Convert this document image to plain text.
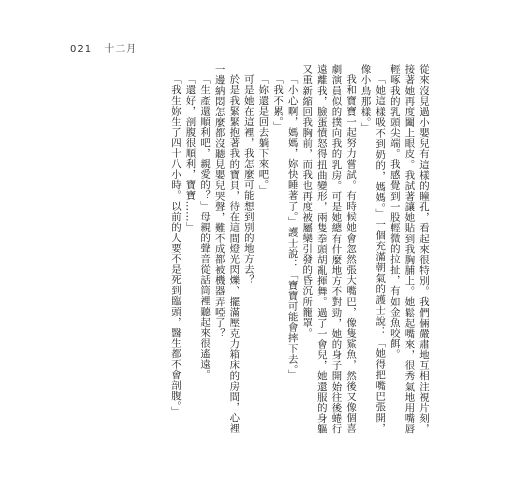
021 十二月

從來沒見過小嬰兒有這樣的瞳孔，看起來很特別。我們倆嚴肅地互相注視片刻，接著她再度闔上眼皮。我試著讓她貼到我胸脯上。她鬆起嘴來，很秀氣地用嘴唇輕啄我的乳頭尖端。我感覺到一股輕微的拉扯，有如金魚咬餌。

「她這樣吸不到奶的，媽媽。」一個充滿朝氣的護士說：「她得把嘴巴張開，像小鳥那樣。」

我和寶寶一起努力嘗試。有時候她會忽然張大嘴巴，像隻鯊魚，然後又像個喜劇演員似的撲向我的乳房。可是她總有什麼地方不對勁，她的身子開始往後蜷行遠離我，臉蛋憤怒得扭曲變形，兩隻拳頭胡亂揮舞。過了一會兒，她還服的身軀又重新縮回我胸前，而我也再度被屬欒引發的昏沉所籠罩。

「小心啊，媽媽，妳快睡著了。」護士說：「寶寶可能會摔下去。」

「我不累。」

「妳還是回去躺下來吧。」

可是她在這裡，我怎麼可能想到別的地方去？

於是我緊緊抱著我的寶貝，待在這間燈光閃爍、擺滿壓克力箱床的房間，心裡一邊納悶怎麼都沒聽見嬰兒哭聲，難不成都被機器弄啞了？

「生產還順利吧，親愛的？」母親的聲音從話筒裡聽起來很遙遠。

「還好，剖腹很順利，寶寶……」

「我生妳生了四十八小時。以前的人要不是死到臨頭，醫生都不會剖腹。」
